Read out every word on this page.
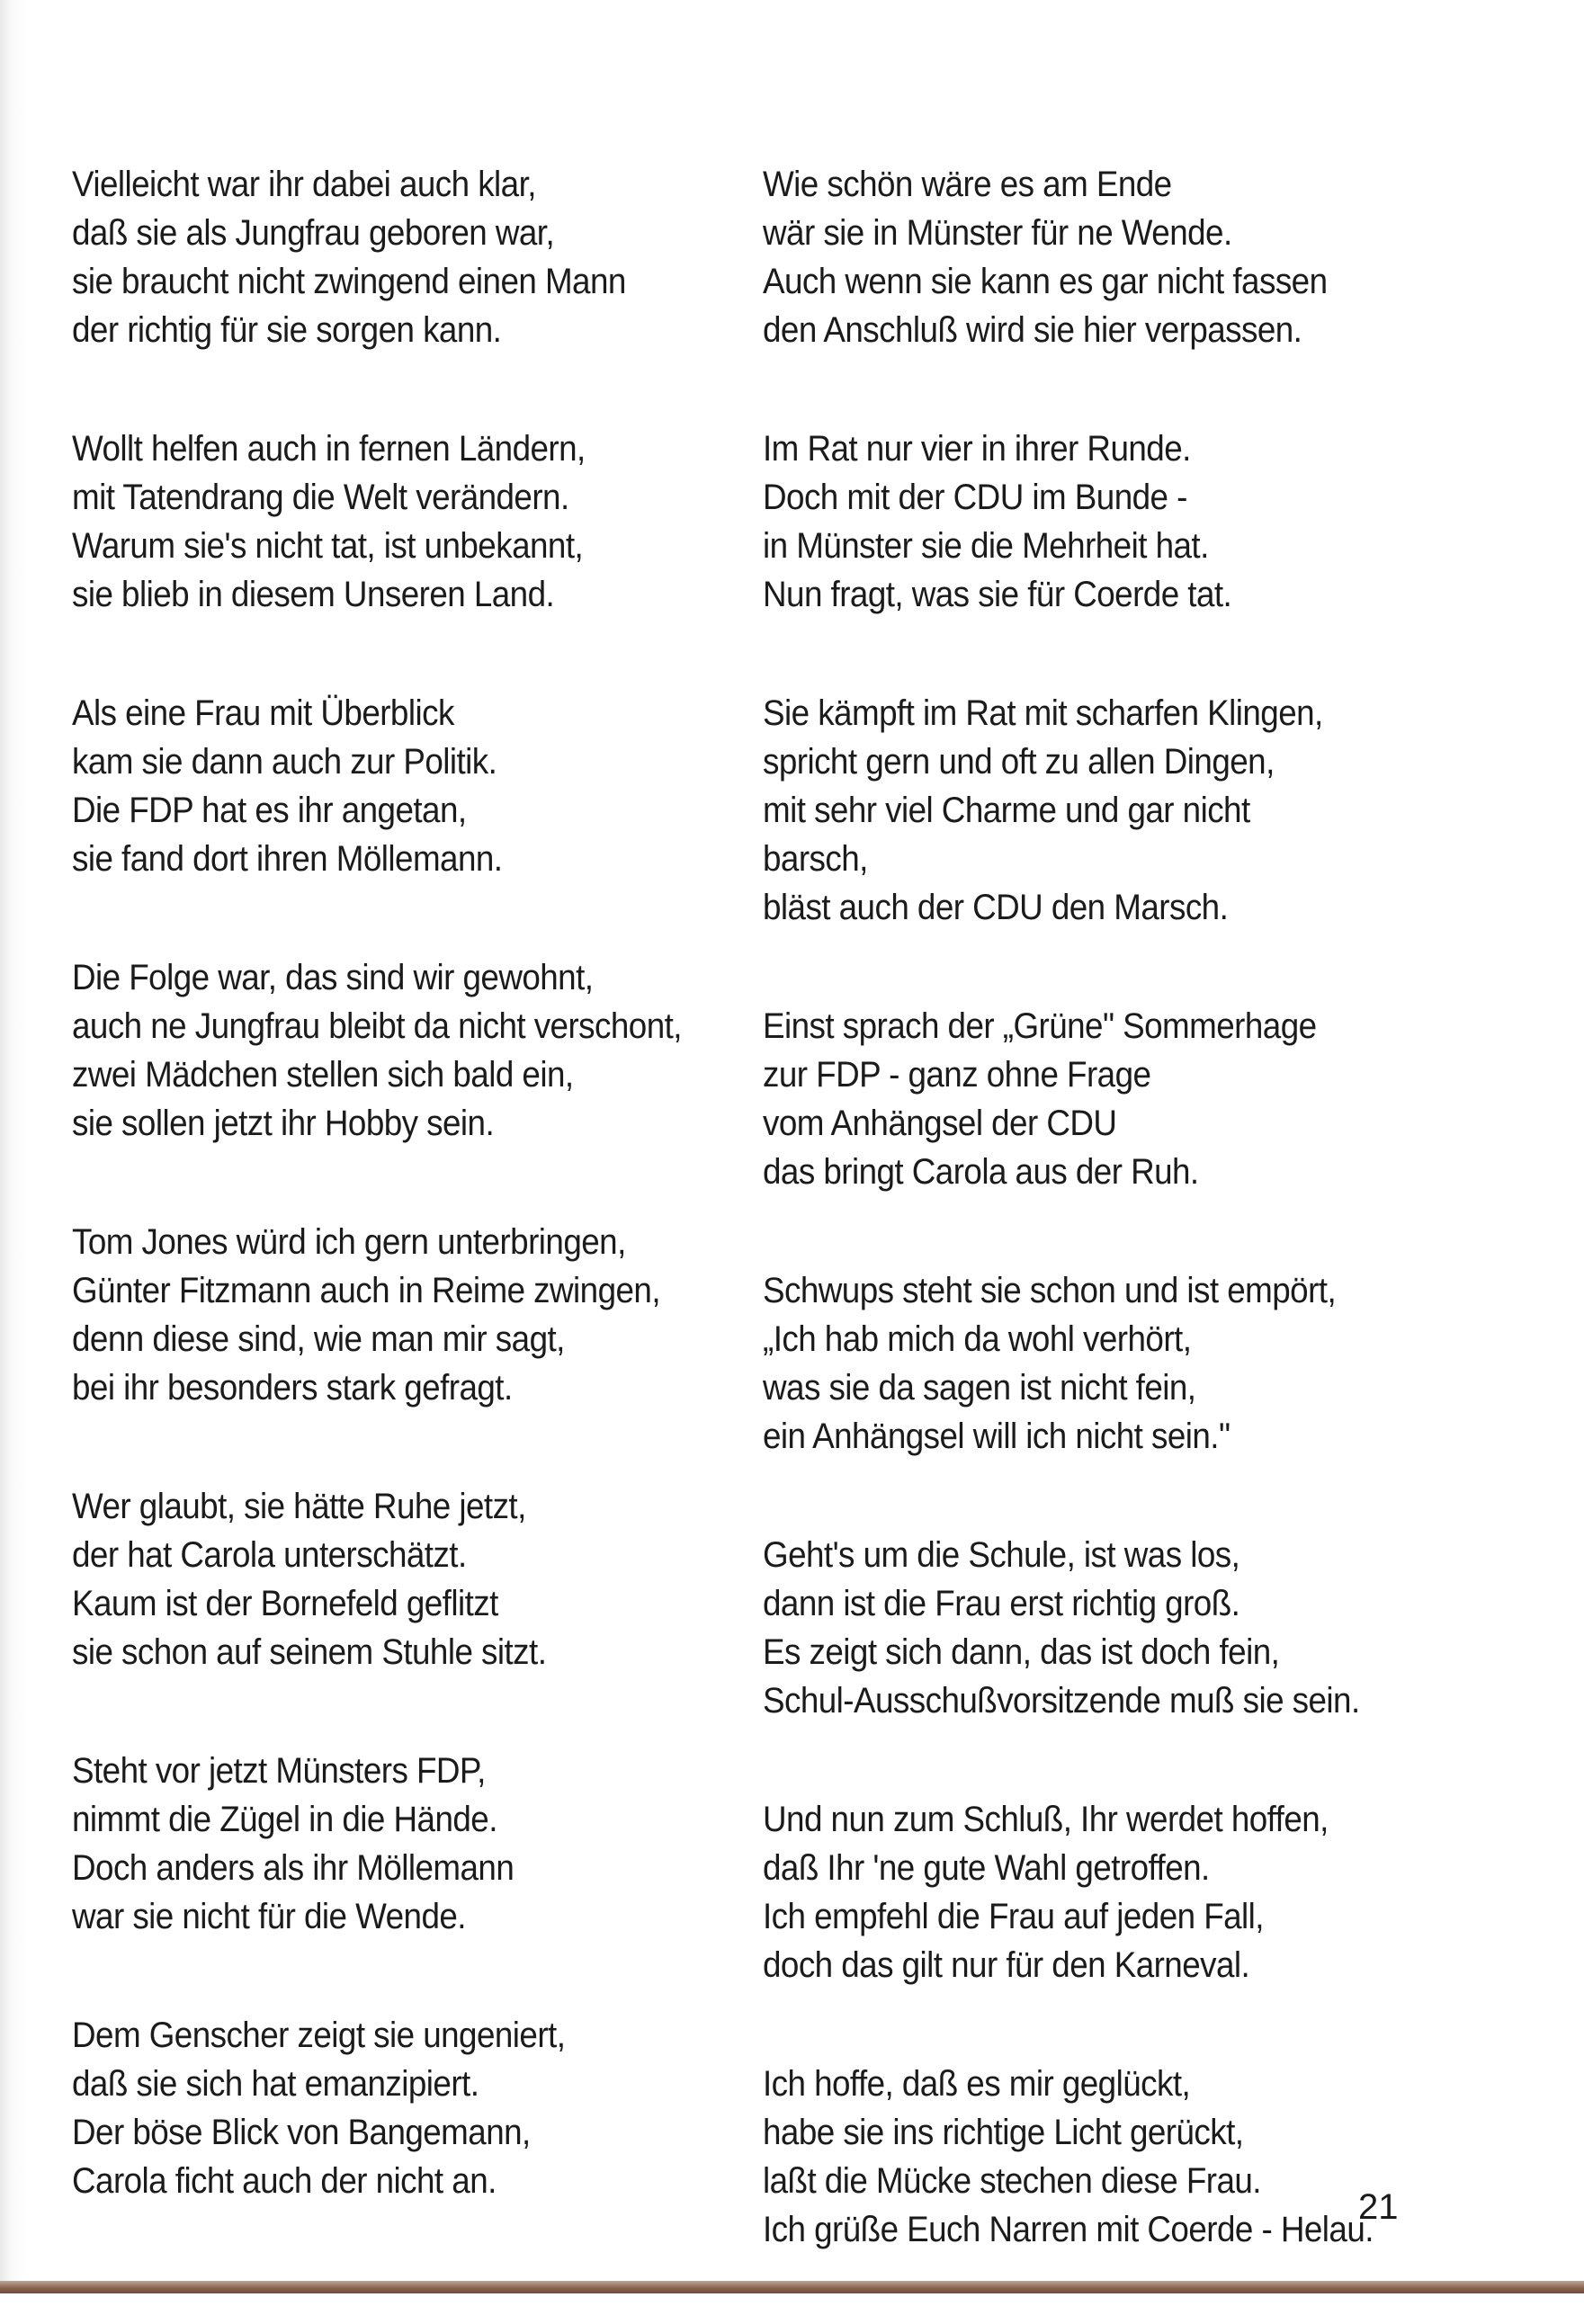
Vielleicht war ihr dabei auch klar,
daß sie als Jungfrau geboren war,
sie braucht nicht zwingend einen Mann
der richtig für sie sorgen kann.
Wollt helfen auch in fernen Ländern,
mit Tatendrang die Welt verändern.
Warum sie's nicht tat, ist unbekannt,
sie blieb in diesem Unseren Land.
Als eine Frau mit Überblick
kam sie dann auch zur Politik.
Die FDP hat es ihr angetan,
sie fand dort ihren Möllemann.
Die Folge war, das sind wir gewohnt,
auch ne Jungfrau bleibt da nicht verschont,
zwei Mädchen stellen sich bald ein,
sie sollen jetzt ihr Hobby sein.
Tom Jones würd ich gern unterbringen,
Günter Fitzmann auch in Reime zwingen,
denn diese sind, wie man mir sagt,
bei ihr besonders stark gefragt.
Wer glaubt, sie hätte Ruhe jetzt,
der hat Carola unterschätzt.
Kaum ist der Bornefeld geflitzt
sie schon auf seinem Stuhle sitzt.
Steht vor jetzt Münsters FDP,
nimmt die Zügel in die Hände.
Doch anders als ihr Möllemann
war sie nicht für die Wende.
Dem Genscher zeigt sie ungeniert,
daß sie sich hat emanzipiert.
Der böse Blick von Bangemann,
Carola ficht auch der nicht an.
Wie schön wäre es am Ende
wär sie in Münster für ne Wende.
Auch wenn sie kann es gar nicht fassen
den Anschluß wird sie hier verpassen.
Im Rat nur vier in ihrer Runde.
Doch mit der CDU im Bunde -
in Münster sie die Mehrheit hat.
Nun fragt, was sie für Coerde tat.
Sie kämpft im Rat mit scharfen Klingen,
spricht gern und oft zu allen Dingen,
mit sehr viel Charme und gar nicht
barsch,
bläst auch der CDU den Marsch.
Einst sprach der „Grüne" Sommerhage
zur FDP - ganz ohne Frage
vom Anhängsel der CDU
das bringt Carola aus der Ruh.
Schwups steht sie schon und ist empört,
„Ich hab mich da wohl verhört,
was sie da sagen ist nicht fein,
ein Anhängsel will ich nicht sein."
Geht's um die Schule, ist was los,
dann ist die Frau erst richtig groß.
Es zeigt sich dann, das ist doch fein,
Schul-Ausschußvorsitzende muß sie sein.
Und nun zum Schluß, Ihr werdet hoffen,
daß Ihr 'ne gute Wahl getroffen.
Ich empfehl die Frau auf jeden Fall,
doch das gilt nur für den Karneval.
Ich hoffe, daß es mir geglückt,
habe sie ins richtige Licht gerückt,
laßt die Mücke stechen diese Frau.
Ich grüße Euch Narren mit Coerde - Helau.
21
